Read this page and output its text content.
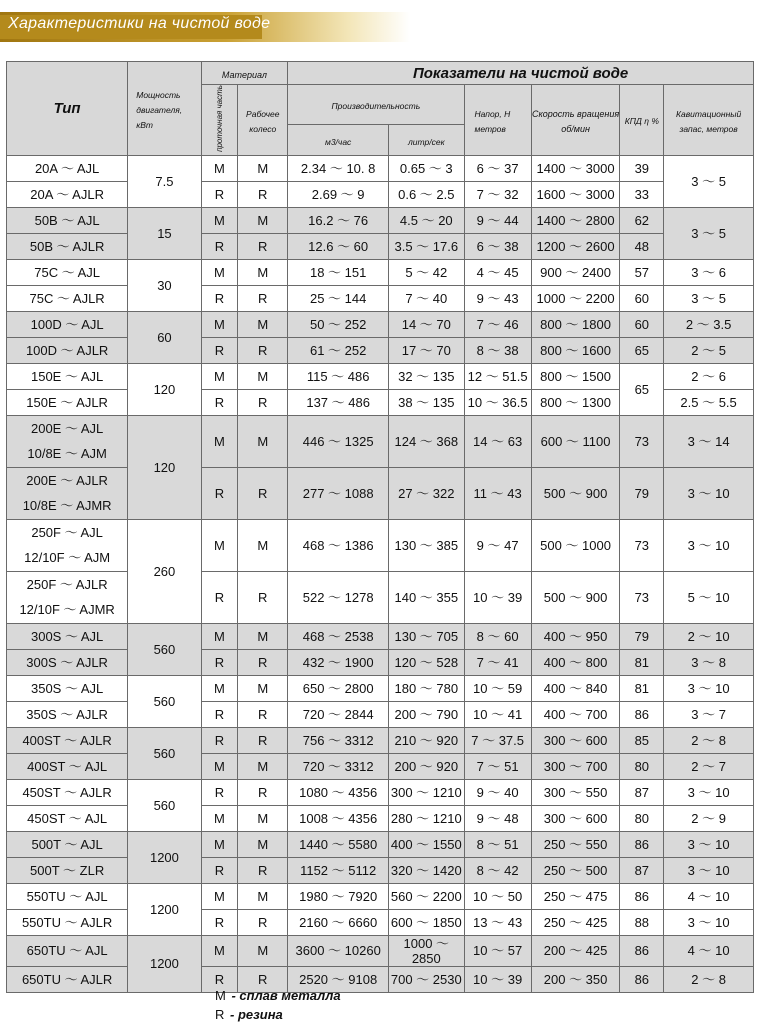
Характеристики на чистой воде
Тип	Мощность двигателя, кВт	Материал		Показатели на чистой воде					
		проточная часть	Рабочее колесо	Производительность		Напор, Н метров	Скорость вращения об/мин	КПД η %	Кавитационный запас, метров
				м3/час	литр/сек				
20A ～ AJL	7.5	M	M	2.34 ～ 10. 8	0.65 ～ 3	6 ～ 37	1400 ～ 3000	39	3 ～ 5
20A ～ AJLR		R	R	2.69 ～ 9	0.6 ～ 2.5	7 ～ 32	1600 ～ 3000	33	
50B ～ AJL	15	M	M	16.2 ～ 76	4.5 ～ 20	9 ～ 44	1400 ～ 2800	62	3 ～ 5
50B ～ AJLR		R	R	12.6 ～ 60	3.5 ～ 17.6	6 ～ 38	1200 ～ 2600	48	
75C ～ AJL	30	M	M	18 ～ 151	5 ～ 42	4 ～ 45	900 ～ 2400	57	3 ～ 6
75C ～ AJLR		R	R	25 ～ 144	7 ～ 40	9 ～ 43	1000 ～ 2200	60	3 ～ 5
100D ～ AJL	60	M	M	50 ～ 252	14 ～ 70	7 ～ 46	800 ～ 1800	60	2 ～ 3.5
100D ～ AJLR		R	R	61 ～ 252	17 ～ 70	8 ～ 38	800 ～ 1600	65	2 ～ 5
150E ～ AJL	120	M	M	115 ～ 486	32 ～ 135	12 ～ 51.5	800 ～ 1500	65	2 ～ 6
150E ～ AJLR		R	R	137 ～ 486	38 ～ 135	10 ～ 36.5	800 ～ 1300		2.5 ～ 5.5

200E ～ AJL
10/8E ～ AJM	120	M	M	446 ～ 1325	124 ～ 368	14 ～ 63	600 ～ 1100	73	3 ～ 14

200E ～ AJLR
10/8E ～ AJMR		R	R	277 ～ 1088	27 ～ 322	11 ～ 43	500 ～ 900	79	3 ～ 10

250F ～ AJL
12/10F ～ AJM	260	M	M	468 ～ 1386	130 ～ 385	9 ～ 47	500 ～ 1000	73	3 ～ 10

250F ～ AJLR
12/10F ～ AJMR		R	R	522 ～ 1278	140 ～ 355	10 ～ 39	500 ～ 900	73	5 ～ 10
300S ～ AJL	560	M	M	468 ～ 2538	130 ～ 705	8 ～ 60	400 ～ 950	79	2 ～ 10
300S ～ AJLR		R	R	432 ～ 1900	120 ～ 528	7 ～ 41	400 ～ 800	81	3 ～ 8
350S ～ AJL	560	M	M	650 ～ 2800	180 ～ 780	10 ～ 59	400 ～ 840	81	3 ～ 10
350S ～ AJLR		R	R	720 ～ 2844	200 ～ 790	10 ～ 41	400 ～ 700	86	3 ～ 7
400ST ～ AJLR	560	R	R	756 ～ 3312	210 ～ 920	7 ～ 37.5	300 ～ 600	85	2 ～ 8
400ST ～ AJL		M	M	720 ～ 3312	200 ～ 920	7 ～ 51	300 ～ 700	80	2 ～ 7
450ST ～ AJLR	560	R	R	1080 ～ 4356	300 ～ 1210	9 ～ 40	300 ～ 550	87	3 ～ 10
450ST ～ AJL		M	M	1008 ～ 4356	280 ～ 1210	9 ～ 48	300 ～ 600	80	2 ～ 9
500T ～ AJL	1200	M	M	1440 ～ 5580	400 ～ 1550	8 ～ 51	250 ～ 550	86	3 ～ 10
500T ～ ZLR		R	R	1152 ～ 5112	320 ～ 1420	8 ～ 42	250 ～ 500	87	3 ～ 10
550TU ～ AJL	1200	M	M	1980 ～ 7920	560 ～ 2200	10 ～ 50	250 ～ 475	86	4 ～ 10
550TU ～ AJLR		R	R	2160 ～ 6660	600 ～ 1850	13 ～ 43	250 ～ 425	88	3 ～ 10
650TU ～ AJL	1200	M	M	3600 ～ 10260	1000 ～ 2850	10 ～ 57	200 ～ 425	86	4 ～ 10
650TU ～ AJLR		R	R	2520 ～ 9108	700 ～ 2530	10 ～ 39	200 ～ 350	86	2 ～ 8
M - сплав металла
R - резина
